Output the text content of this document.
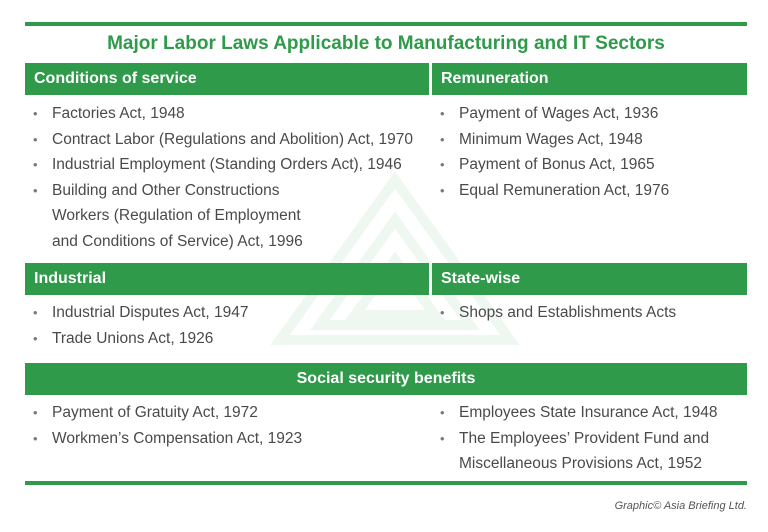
Major Labor Laws Applicable to Manufacturing and IT Sectors
Conditions of service	Remuneration
• Factories Act, 1948
• Contract Labor (Regulations and Abolition) Act, 1970
• Industrial Employment (Standing Orders Act), 1946
• Building and Other Constructions
Workers (Regulation of Employment
and Conditions of Service) Act, 1996
• Payment of Wages Act, 1936
• Minimum Wages Act, 1948
• Payment of Bonus Act, 1965
• Equal Remuneration Act, 1976
Industrial	State-wise
• Industrial Disputes Act, 1947
• Trade Unions Act, 1926
• Shops and Establishments Acts
Social security benefits
• Payment of Gratuity Act, 1972
• Workmen’s Compensation Act, 1923
• Employees State Insurance Act, 1948
• The Employees’ Provident Fund and
Miscellaneous Provisions Act, 1952
Graphic© Asia Briefing Ltd.
